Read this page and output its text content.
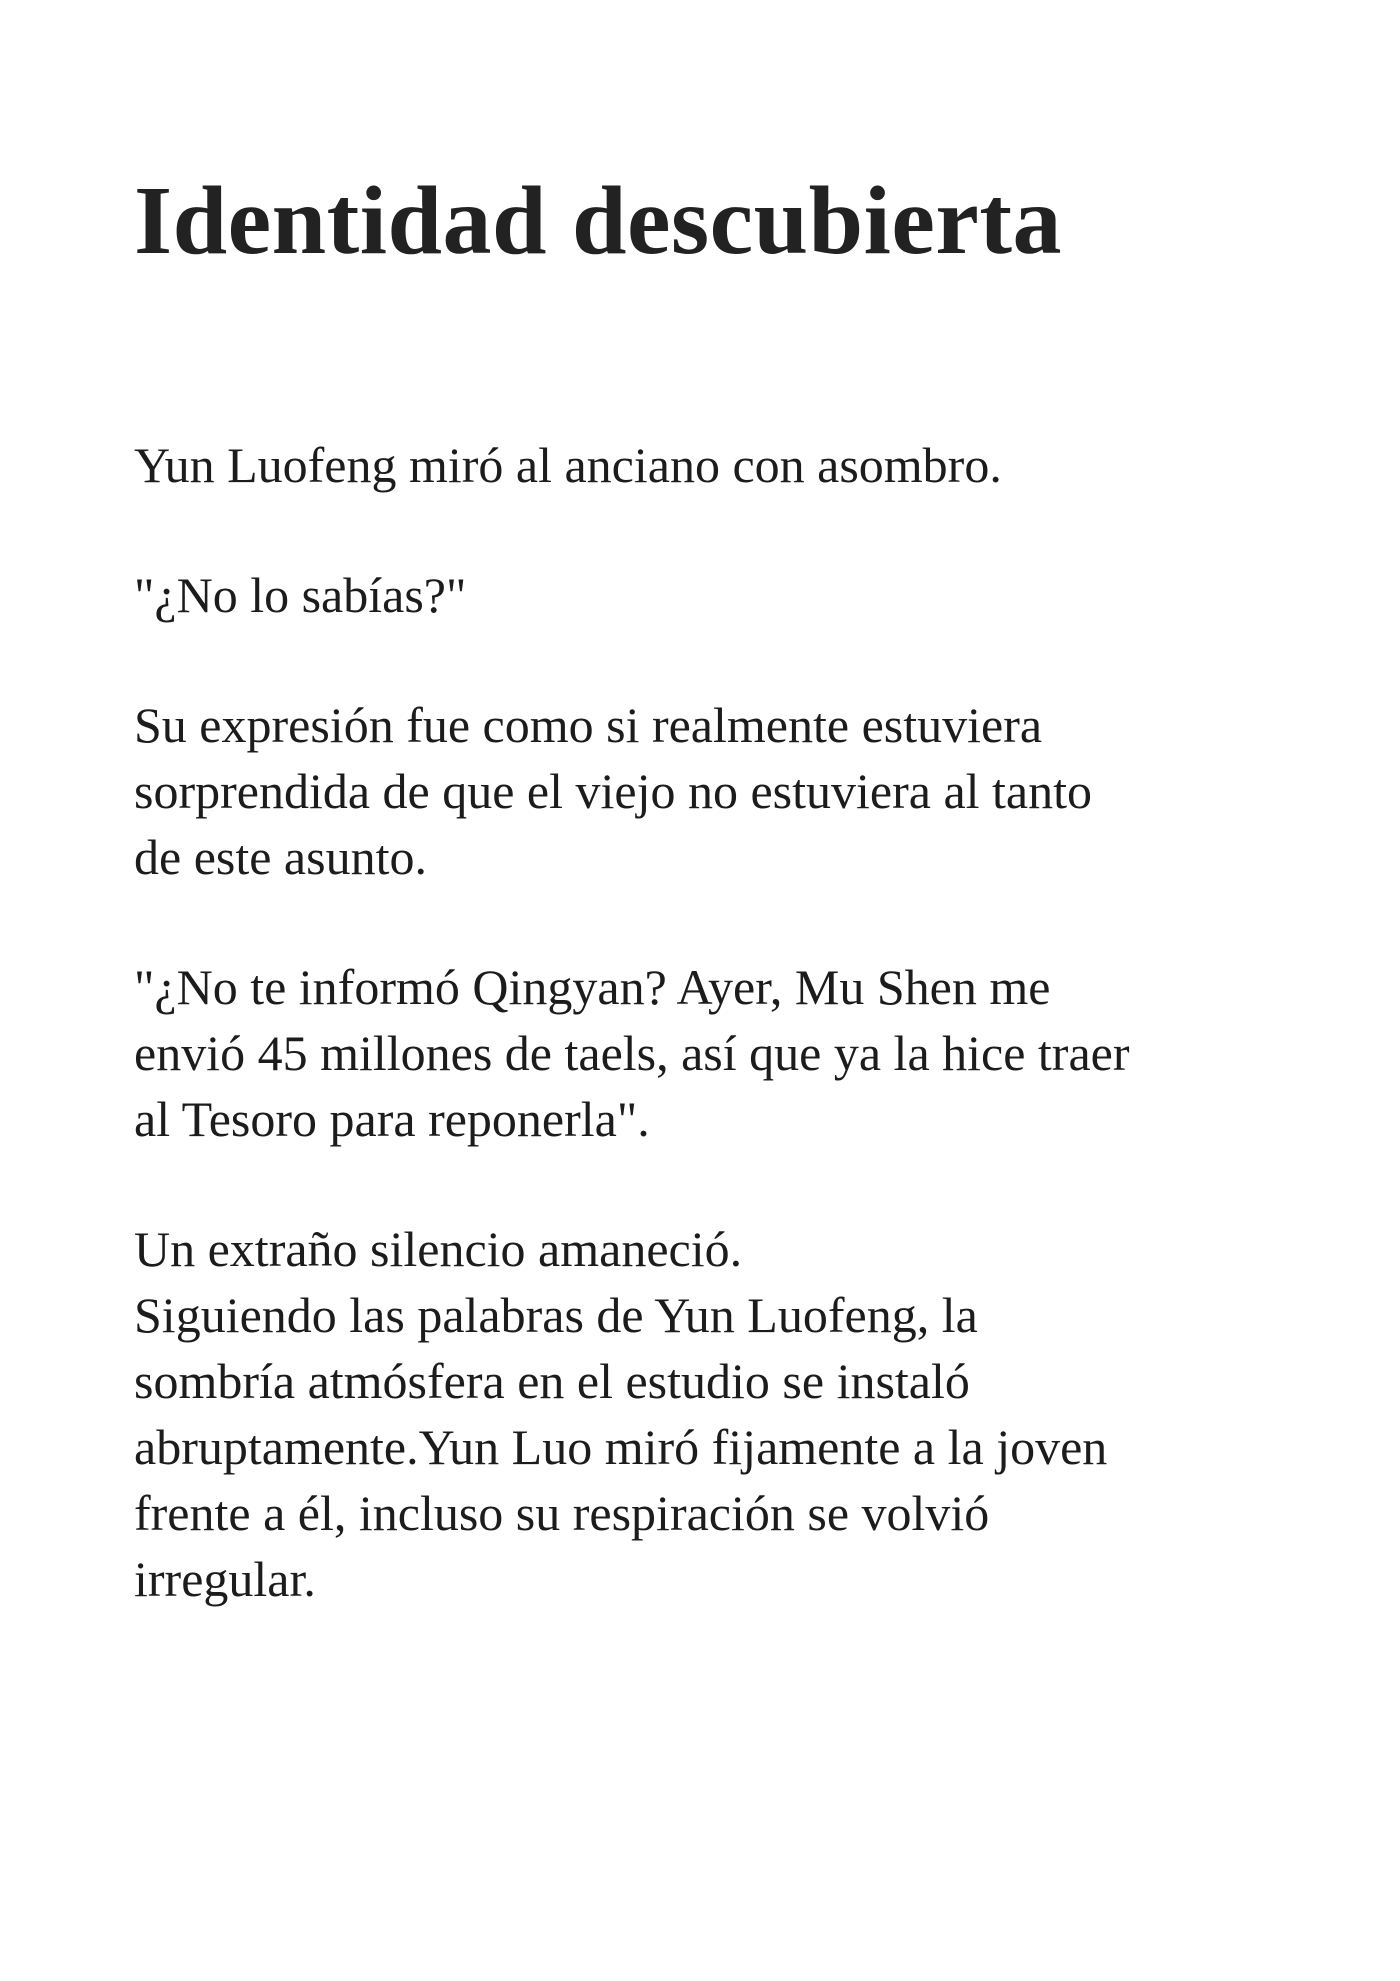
Identidad descubierta

Yun Luofeng miró al anciano con asombro.

"¿No lo sabías?"

Su expresión fue como si realmente estuviera
sorprendida de que el viejo no estuviera al tanto
de este asunto.

"¿No te informó Qingyan? Ayer, Mu Shen me
envió 45 millones de taels, así que ya la hice traer
al Tesoro para reponerla".

Un extraño silencio amaneció.
Siguiendo las palabras de Yun Luofeng, la
sombría atmósfera en el estudio se instaló
abruptamente.Yun Luo miró fijamente a la joven
frente a él, incluso su respiración se volvió
irregular.
